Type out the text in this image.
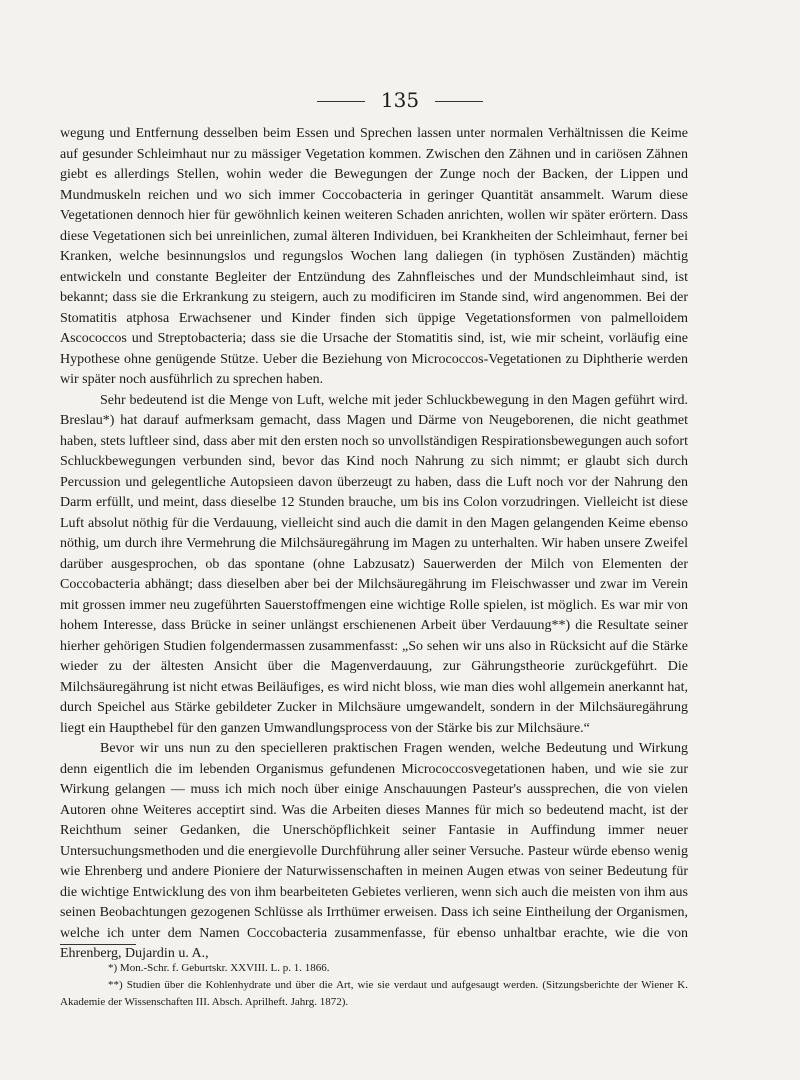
135

wegung und Entfernung desselben beim Essen und Sprechen lassen unter normalen Verhältnissen die Keime auf gesunder Schleimhaut nur zu mässiger Vegetation kommen. Zwischen den Zähnen und in cariösen Zähnen giebt es allerdings Stellen, wohin weder die Bewegungen der Zunge noch der Backen, der Lippen und Mundmuskeln reichen und wo sich immer Coccobacteria in geringer Quantität ansammelt. Warum diese Vegetationen dennoch hier für gewöhnlich keinen weiteren Schaden anrichten, wollen wir später erörtern. Dass diese Vegetationen sich bei unreinlichen, zumal älteren Individuen, bei Krankheiten der Schleimhaut, ferner bei Kranken, welche besinnungslos und regungslos Wochen lang daliegen (in typhösen Zuständen) mächtig entwickeln und constante Begleiter der Entzündung des Zahnfleisches und der Mundschleimhaut sind, ist bekannt; dass sie die Erkrankung zu steigern, auch zu modificiren im Stande sind, wird angenommen. Bei der Stomatitis atphosa Erwachsener und Kinder finden sich üppige Vegetationsformen von palmelloidem Ascococcos und Streptobacteria; dass sie die Ursache der Stomatitis sind, ist, wie mir scheint, vorläufig eine Hypothese ohne genügende Stütze. Ueber die Beziehung von Micrococcos-Vegetationen zu Diphtherie werden wir später noch ausführlich zu sprechen haben.

Sehr bedeutend ist die Menge von Luft, welche mit jeder Schluckbewegung in den Magen geführt wird. Breslau*) hat darauf aufmerksam gemacht, dass Magen und Därme von Neugeborenen, die nicht geathmet haben, stets luftleer sind, dass aber mit den ersten noch so unvollständigen Respirationsbewegungen auch sofort Schluckbewegungen verbunden sind, bevor das Kind noch Nahrung zu sich nimmt; er glaubt sich durch Percussion und gelegentliche Autopsieen davon überzeugt zu haben, dass die Luft noch vor der Nahrung den Darm erfüllt, und meint, dass dieselbe 12 Stunden brauche, um bis ins Colon vorzudringen. Vielleicht ist diese Luft absolut nöthig für die Verdauung, vielleicht sind auch die damit in den Magen gelangenden Keime ebenso nöthig, um durch ihre Vermehrung die Milchsäuregährung im Magen zu unterhalten. Wir haben unsere Zweifel darüber ausgesprochen, ob das spontane (ohne Labzusatz) Sauerwerden der Milch von Elementen der Coccobacteria abhängt; dass dieselben aber bei der Milchsäuregährung im Fleischwasser und zwar im Verein mit grossen immer neu zugeführten Sauerstoffmengen eine wichtige Rolle spielen, ist möglich. Es war mir von hohem Interesse, dass Brücke in seiner unlängst erschienenen Arbeit über Verdauung**) die Resultate seiner hierher gehörigen Studien folgendermassen zusammenfasst: „So sehen wir uns also in Rücksicht auf die Stärke wieder zu der ältesten Ansicht über die Magenverdauung, zur Gährungstheorie zurückgeführt. Die Milchsäuregährung ist nicht etwas Beiläufiges, es wird nicht bloss, wie man dies wohl allgemein anerkannt hat, durch Speichel aus Stärke gebildeter Zucker in Milchsäure umgewandelt, sondern in der Milchsäuregährung liegt ein Haupthebel für den ganzen Umwandlungsprocess von der Stärke bis zur Milchsäure.“

Bevor wir uns nun zu den specielleren praktischen Fragen wenden, welche Bedeutung und Wirkung denn eigentlich die im lebenden Organismus gefundenen Micrococcosvegetationen haben, und wie sie zur Wirkung gelangen — muss ich mich noch über einige Anschauungen Pasteur's aussprechen, die von vielen Autoren ohne Weiteres acceptirt sind. Was die Arbeiten dieses Mannes für mich so bedeutend macht, ist der Reichthum seiner Gedanken, die Unerschöpflichkeit seiner Fantasie in Auffindung immer neuer Untersuchungsmethoden und die energievolle Durchführung aller seiner Versuche. Pasteur würde ebenso wenig wie Ehrenberg und andere Pioniere der Naturwissenschaften in meinen Augen etwas von seiner Bedeutung für die wichtige Entwicklung des von ihm bearbeiteten Gebietes verlieren, wenn sich auch die meisten von ihm aus seinen Beobachtungen gezogenen Schlüsse als Irrthümer erweisen. Dass ich seine Eintheilung der Organismen, welche ich unter dem Namen Coccobacteria zusammenfasse, für ebenso unhaltbar erachte, wie die von Ehrenberg, Dujardin u. A.,

*) Mon.-Schr. f. Geburtskr. XXVIII. L. p. 1. 1866.

**) Studien über die Kohlenhydrate und über die Art, wie sie verdaut und aufgesaugt werden. (Sitzungsberichte der Wiener K. Akademie der Wissenschaften III. Absch. Aprilheft. Jahrg. 1872).
